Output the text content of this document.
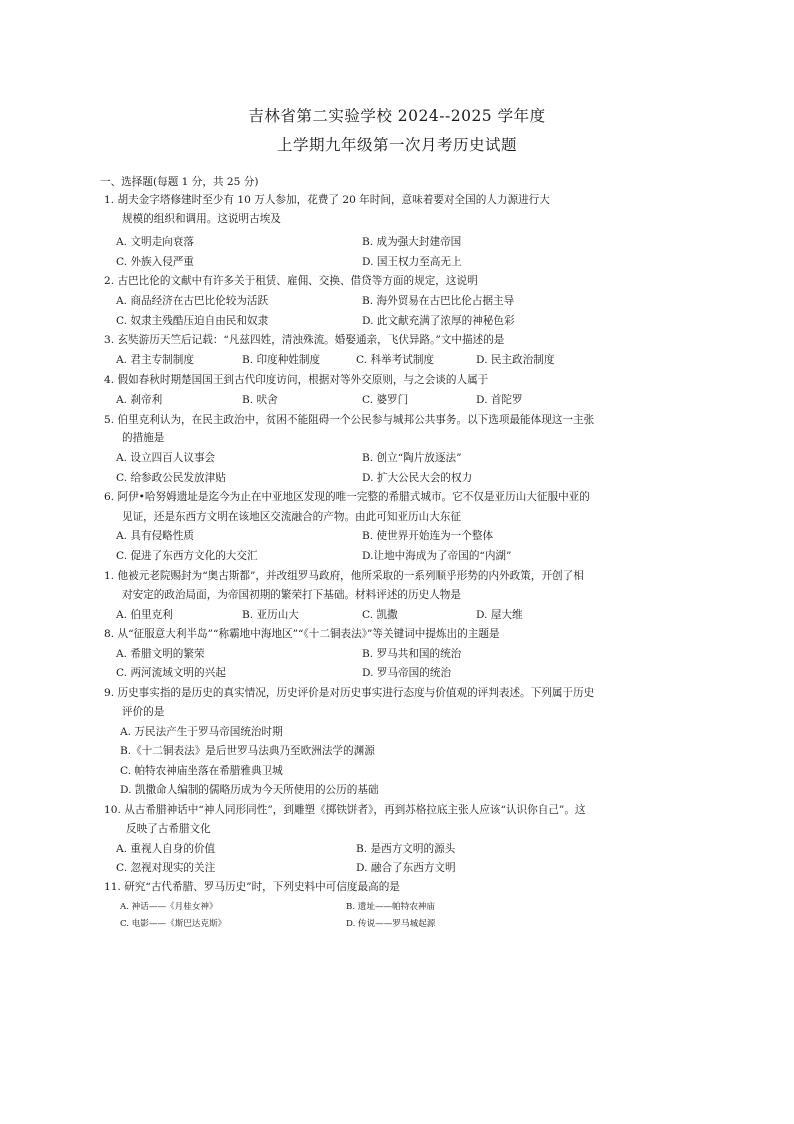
吉林省第二实验学校 2024--2025 学年度
上学期九年级第一次月考历史试题
一、选择题(每题 1 分，共 25 分)
1. 胡夫金字塔修建时至少有 10 万人参加，花费了 20 年时间，意味着要对全国的人力源进行大
规模的组织和调用。这说明古埃及
A. 文明走向衰落	B. 成为强大封建帝国
C. 外族入侵严重	D. 国王权力至高无上
2. 古巴比伦的文献中有许多关于租赁、雇佣、交换、借贷等方面的规定，这说明
A. 商品经济在古巴比伦较为活跃	B. 海外贸易在古巴比伦占据主导
C. 奴隶主残酷压迫自由民和奴隶	D. 此文献充满了浓厚的神秘色彩
3. 玄奘游历天竺后记载：“凡兹四姓，清浊殊流。婚娶通亲，飞伏异路。”文中描述的是
A. 君主专制制度	B. 印度种姓制度	C. 科举考试制度	D. 民主政治制度
4. 假如春秋时期楚国国王到古代印度访问，根据对等外交原则，与之会谈的人属于
A. 刹帝利	B. 吠舍	C. 婆罗门	D. 首陀罗
5. 伯里克利认为，在民主政治中，贫困不能阻碍一个公民参与城邦公共事务。以下选项最能体现这一主张
的措施是
A. 设立四百人议事会	B. 创立“陶片放逐法”
C. 给参政公民发放津贴	D. 扩大公民大会的权力
6. 阿伊•哈努姆遗址是迄今为止在中亚地区发现的唯一完整的希腊式城市。它不仅是亚历山大征服中亚的
见证，还是东西方文明在该地区交流融合的产物。由此可知亚历山大东征
A. 具有侵略性质	B. 使世界开始连为一个整体
C. 促进了东西方文化的大交汇	D.让地中海成为了帝国的“内湖”
1. 他被元老院赐封为“奥古斯都”，并改组罗马政府，他所采取的一系列顺乎形势的内外政策，开创了相
对安定的政治局面，为帝国初期的繁荣打下基础。材料评述的历史人物是
A. 伯里克利	B. 亚历山大	C. 凯撒	D. 屋大维
8. 从“征服意大利半岛”“称霸地中海地区”“《十二铜表法》”等关键词中提炼出的主题是
A. 希腊文明的繁荣	B. 罗马共和国的统治
C. 两河流域文明的兴起	D. 罗马帝国的统治
9. 历史事实指的是历史的真实情况，历史评价是对历史事实进行态度与价值观的评判表述。下列属于历史
评价的是
A. 万民法产生于罗马帝国统治时期
B.《十二铜表法》是后世罗马法典乃至欧洲法学的渊源
C. 帕特农神庙坐落在希腊雅典卫城
D. 凯撒命人编制的儒略历成为今天所使用的公历的基础
10. 从古希腊神话中“神人同形同性”，到雕塑《掷铁饼者》，再到苏格拉底主张人应该“认识你自己”。这
反映了古希腊文化
A. 重视人自身的价值	B. 是西方文明的源头
C. 忽视对现实的关注	D. 融合了东西方文明
11. 研究“古代希腊、罗马历史”时，下列史料中可信度最高的是
A. 神话——《月桂女神》	B. 遗址——帕特农神庙
C. 电影——《斯巴达克斯》	D. 传说——罗马城起源
